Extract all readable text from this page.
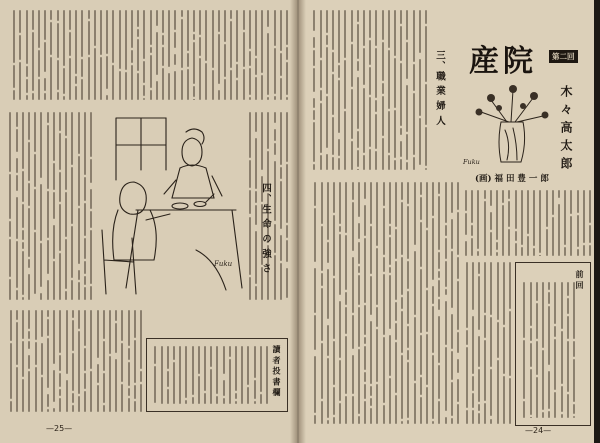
Fuku	四、生 命 の 強 さ
讀 者 投 書 欄
—25—
三、職 業 婦 人 産院	第二回
Fuku	木々高太郎
(画) 福 田 豊 一 郎
前 回
—24—
